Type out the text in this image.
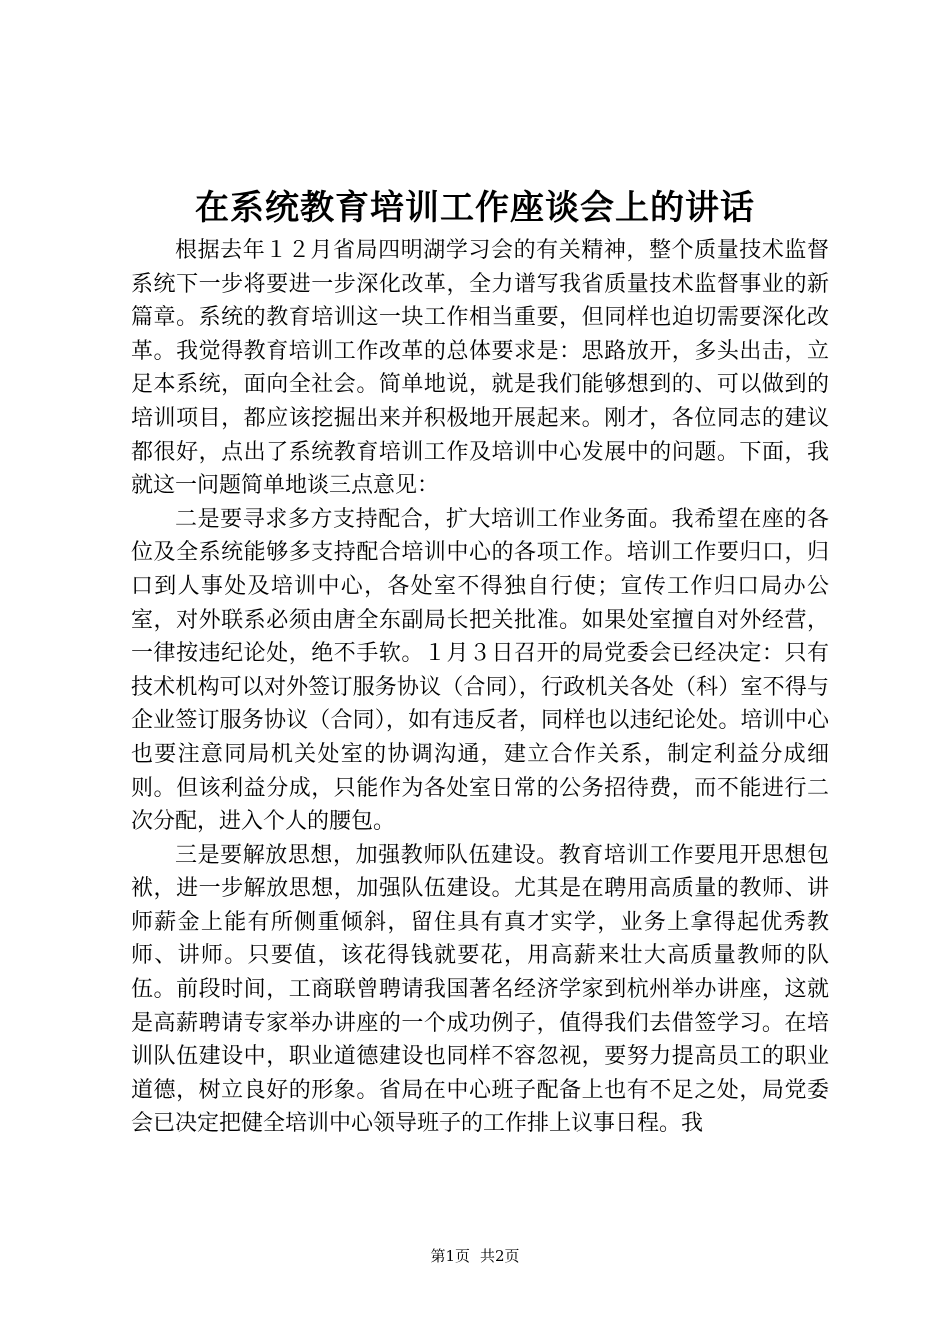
在系统教育培训工作座谈会上的讲话

根据去年１２月省局四明湖学习会的有关精神，整个质量技术监督系统下一步将要进一步深化改革，全力谱写我省质量技术监督事业的新篇章。系统的教育培训这一块工作相当重要，但同样也迫切需要深化改革。我觉得教育培训工作改革的总体要求是：思路放开，多头出击，立足本系统，面向全社会。简单地说，就是我们能够想到的、可以做到的培训项目，都应该挖掘出来并积极地开展起来。刚才，各位同志的建议都很好，点出了系统教育培训工作及培训中心发展中的问题。下面，我就这一问题简单地谈三点意见：

二是要寻求多方支持配合，扩大培训工作业务面。我希望在座的各位及全系统能够多支持配合培训中心的各项工作。培训工作要归口，归口到人事处及培训中心，各处室不得独自行使；宣传工作归口局办公室，对外联系必须由唐全东副局长把关批准。如果处室擅自对外经营，一律按违纪论处，绝不手软。１月３日召开的局党委会已经决定：只有技术机构可以对外签订服务协议（合同），行政机关各处（科）室不得与企业签订服务协议（合同），如有违反者，同样也以违纪论处。培训中心也要注意同局机关处室的协调沟通，建立合作关系，制定利益分成细则。但该利益分成，只能作为各处室日常的公务招待费，而不能进行二次分配，进入个人的腰包。

三是要解放思想，加强教师队伍建设。教育培训工作要甩开思想包袱，进一步解放思想，加强队伍建设。尤其是在聘用高质量的教师、讲师薪金上能有所侧重倾斜，留住具有真才实学，业务上拿得起优秀教师、讲师。只要值，该花得钱就要花，用高薪来壮大高质量教师的队伍。前段时间，工商联曾聘请我国著名经济学家到杭州举办讲座，这就是高薪聘请专家举办讲座的一个成功例子，值得我们去借签学习。在培训队伍建设中，职业道德建设也同样不容忽视，要努力提高员工的职业道德，树立良好的形象。省局在中心班子配备上也有不足之处，局党委会已决定把健全培训中心领导班子的工作排上议事日程。我

第1页 共2页
